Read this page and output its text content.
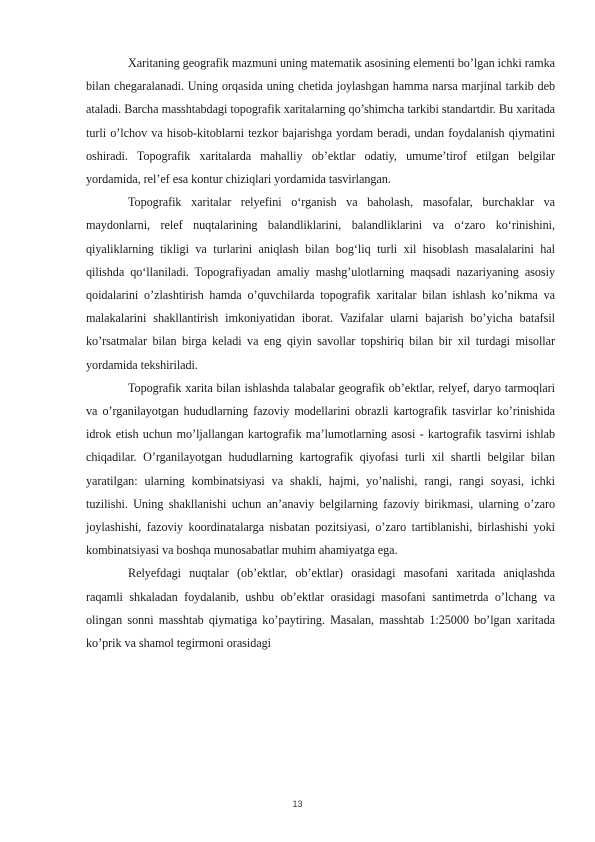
Xaritaning geografik mazmuni uning matematik asosining elementi bo’lgan ichki ramka bilan chegaralanadi. Uning orqasida uning chetida joylashgan hamma narsa marjinal tarkib deb ataladi. Barcha masshtabdagi topografik xaritalarning qo’shimcha tarkibi standartdir. Bu xaritada turli o’lchov va hisob-kitoblarni tezkor bajarishga yordam beradi, undan foydalanish qiymatini oshiradi. Topografik xaritalarda mahalliy ob’ektlar odatiy, umume’tirof etilgan belgilar yordamida, rel’ef esa kontur chiziqlari yordamida tasvirlangan.

Topografik xaritalar relyefini o‘rganish va baholash, masofalar, burchaklar va maydonlarni, relef nuqtalarining balandliklarini, balandliklarini va o‘zaro ko‘rinishini, qiyaliklarning tikligi va turlarini aniqlash bilan bog‘liq turli xil hisoblash masalalarini hal qilishda qo‘llaniladi. Topografiyadan amaliy mashg’ulotlarning maqsadi nazariyaning asosiy qoidalarini o’zlashtirish hamda o’quvchilarda topografik xaritalar bilan ishlash ko’nikma va malakalarini shakllantirish imkoniyatidan iborat. Vazifalar ularni bajarish bo’yicha batafsil ko’rsatmalar bilan birga keladi va eng qiyin savollar topshiriq bilan bir xil turdagi misollar yordamida tekshiriladi.

Topografik xarita bilan ishlashda talabalar geografik ob’ektlar, relyef, daryo tarmoqlari va o’rganilayotgan hududlarning fazoviy modellarini obrazli kartografik tasvirlar ko’rinishida idrok etish uchun mo’ljallangan kartografik ma’lumotlarning asosi - kartografik tasvirni ishlab chiqadilar. O’rganilayotgan hududlarning kartografik qiyofasi turli xil shartli belgilar bilan yaratilgan: ularning kombinatsiyasi va shakli, hajmi, yo’nalishi, rangi, rangi soyasi, ichki tuzilishi. Uning shakllanishi uchun an’anaviy belgilarning fazoviy birikmasi, ularning o’zaro joylashishi, fazoviy koordinatalarga nisbatan pozitsiyasi, o’zaro tartiblanishi, birlashishi yoki kombinatsiyasi va boshqa munosabatlar muhim ahamiyatga ega.

Relyefdagi nuqtalar (ob’ektlar, ob’ektlar) orasidagi masofani xaritada aniqlashda raqamli shkaladan foydalanib, ushbu ob’ektlar orasidagi masofani santimetrda o’lchang va olingan sonni masshtab qiymatiga ko’paytiring. Masalan, masshtab 1:25000 bo’lgan xaritada ko’prik va shamol tegirmoni orasidagi

13
